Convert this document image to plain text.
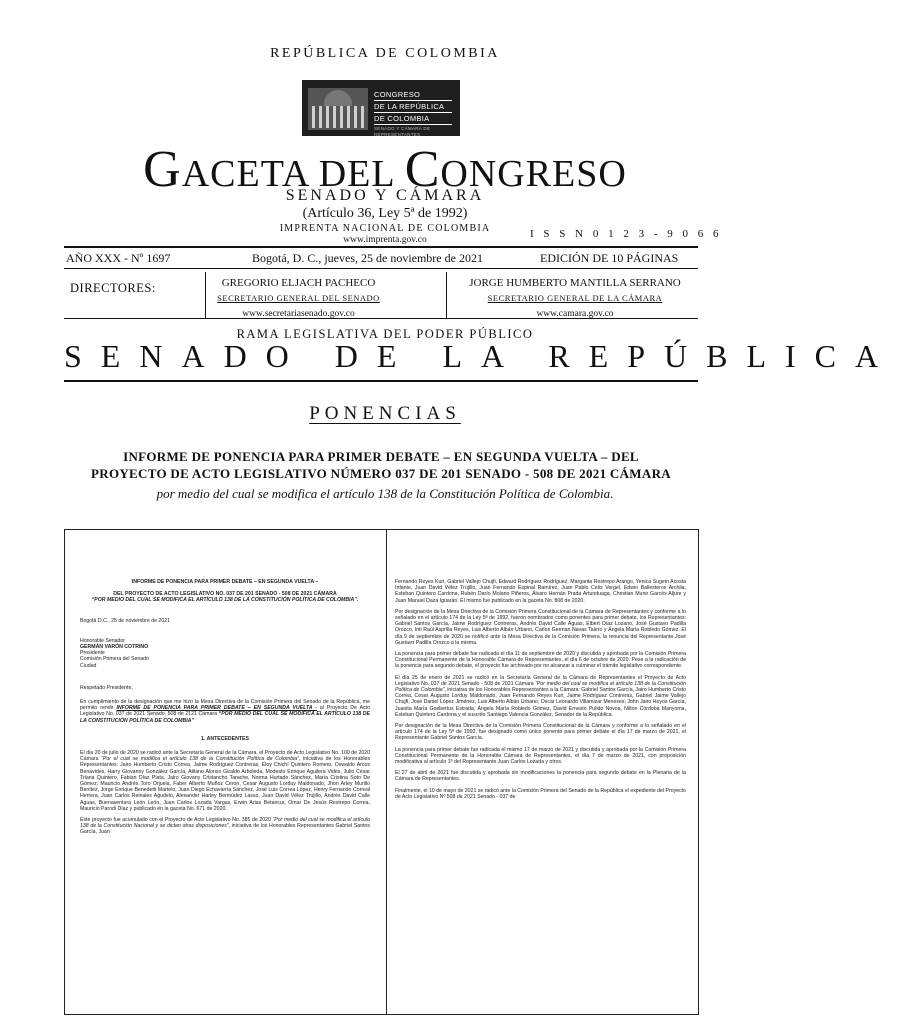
REPÚBLICA DE COLOMBIA
CONGRESO
DE LA REPÚBLICA
DE COLOMBIA
SENADO Y CÁMARA DE REPRESENTANTES
GACETA DEL CONGRESO
SENADO Y CÁMARA
(Artículo 36, Ley 5ª de 1992)
IMPRENTA NACIONAL DE COLOMBIA
www.imprenta.gov.co	I S S N 0 1 2 3 - 9 0 6 6
AÑO XXX - Nº 1697	Bogotá, D. C., jueves, 25 de noviembre de 2021	EDICIÓN DE 10 PÁGINAS
DIRECTORES:	GREGORIO ELJACH PACHECO
SECRETARIO GENERAL DEL SENADO
www.secretariasenado.gov.co
JORGE HUMBERTO MANTILLA SERRANO
SECRETARIO GENERAL DE LA CÁMARA
www.camara.gov.co
RAMA LEGISLATIVA DEL PODER PÚBLICO
SENADO DE LA REPÚBLICA
PONENCIAS
INFORME DE PONENCIA PARA PRIMER DEBATE – EN SEGUNDA VUELTA – DEL
PROYECTO DE ACTO LEGISLATIVO NÚMERO 037 DE 201 SENADO - 508 DE 2021 CÁMARA
por medio del cual se modifica el artículo 138 de la Constitución Política de Colombia.

INFORME DE PONENCIA PARA PRIMER DEBATE – EN SEGUNDA VUELTA –

DEL PROYECTO DE ACTO LEGISLATIVO NO. 037 DE 201 SENADO - 508 DE 2021 CÁMARA

“POR MEDIO DEL CUAL SE MODIFICA EL ARTÍCULO 138 DE LA CONSTITUCIÓN POLÍTICA DE COLOMBIA”.

Bogotá D.C., 25 de noviembre de 2021

Honorable Senador
GERMÁN VARÓN COTRINO
Presidente
Comisión Primera del Senado
Ciudad

Respetado Presidente,

En cumplimiento de la designación que me hizo la Mesa Directiva de la Comisión Primera del Senado de la República, me permito rendir INFORME DE PONENCIA PARA PRIMER DEBATE – EN SEGUNDA VUELTA - al Proyecto De Acto Legislativo No. 037 de 2021 Senado, 508 de 2121 Cámara “POR MEDIO DEL CUAL SE MODIFICA EL ARTÍCULO 138 DE LA CONSTITUCIÓN POLÍTICA DE COLOMBIA”

1. ANTECEDENTES

El día 20 de julio de 2020 se radicó ante la Secretaría General de la Cámara, el Proyecto de Acto Legislativo No. 100 de 2020 Cámara “Por el cual se modifica el artículo 138 de la Constitución Política de Colombia”, iniciativa de los Honorables Representantes: Jairo Humberto Cristo Correa, Jaime Rodríguez Contreras, Eloy Chichí Quintero Romero, Oswaldo Arcos Benavides, Harry Giovanny González García, Atilano Alonso Giraldo Arboleda, Modesto Enrique Aguilera Vides, Julio César Triana Quintero, Fabian Díaz Plata, Jairo Giovany Cristancho Tarache, Norma Hurtado Sánchez, María Cristina Soto De Gómez, Mauricio Andrés Toro Orjuela, Faber Alberto Muñoz Ceron, Cesar Augusto Lorduy Maldonado, Jhon Arley Murillo Benítez, Jorge Enrique Benedetti Martelo, Juan Diego Echavarría Sánchez, José Luis Correa López, Henry Fernando Correal Herrera, Juan Carlos Reinales Agudelo, Alexander Harley Bermúdez Lasso, Juan David Vélez Trujillo, Andrés David Calle Aguas, Buenaventura León León, Juan Carlos Lozada Vargas, Erwin Arias Betancur, Omar De Jesús Restrepo Correa, Mauricio Parodi Díaz y publicado en la gaceta No. 671 de 2020.

Este proyecto fue acumulado con el Proyecto de Acto Legislativo No. 385 de 2020 “Por medio del cual se modifica el artículo 138 de la Constitución Nacional y se dictan otras disposiciones”, iniciativa de los Honorables Representantes Gabriel Santos García, Juan

Fernando Reyes Kuri, Gabriel Vallejo Chujfi, Edward Rodríguez Rodríguez, Margarita Restrepo Arango, Yenica Sugein Acosta Infante, Juan David Vélez Trujillo, Juan Fernando Espinal Ramírez, Juan Pablo Celis Vergel, Edwin Ballesteros Archila, Esteban Quintero Cardona, Rubén Darío Molano Piñeros, Álvaro Hernán Prada Artunduaga, Christian Munir Garcés Aljure y Juan Manuel Daza Iguarán. El mismo fue publicado en la gaceta No. 808 de 2020.

Por designación de la Mesa Directiva de la Comisión Primera Constitucional de la Cámara de Representantes y conforme a lo señalado en el artículo 174 de la Ley 5ª de 1992, fueron nombrados como ponentes para primer debate, los Representantes: Gabriel Santos García, Jaime Rodríguez Contreras, Andrés David Calle Aguas, Elbert Díaz Lozano, José Gustavo Padilla Orozco, Inti Raúl Asprilla Reyes, Luis Alberto Albán Urbano, Carlos German Navas Talero y Ángela María Robledo Gómez. El día 9 de septiembre de 2020 se notificó ante la Mesa Directiva de la Comisión Primera, la renuncia del Representante José Gustavo Padilla Orozco a la misma.

La ponencia para primer debate fue radicada el día 11 de septiembre de 2020 y discutida y aprobada por la Comisión Primera Constitucional Permanente de la Honorable Cámara de Representantes, el día 6 de octubre de 2020. Pese a la radicación de la ponencia para segundo debate, el proyecto fue archivado por no alcanzar a culminar el trámite legislativo correspondiente.

El día 25 de enero de 2021 se radicó en la Secretaría General de la Cámara de Representantes el Proyecto de Acto Legislativo No. 037 de 2021 Senado - 508 de 2021 Cámara “Por medio del cual se modifica el artículo 138 de la Constitución Política de Colombia”, iniciativa de los Honorables Representantes a la Cámara: Gabriel Santos García, Jairo Humberto Cristo Correa, Cesar Augusto Lorduy Maldonado, Juan Fernando Reyes Kuri, Jaime Rodríguez Contreras, Gabriel Jaime Vallejo Chujfi, José Daniel López Jiménez, Luis Alberto Albán Urbano, Oscar Leonardo Villamizar Meneses, John Jairo Hoyos García, Juanita María Goebertus Estrada, Ángela María Robledo Gómez, David Ernesto Pulido Novoa, Nilton Córdoba Manyoma, Esteban Quintero Cardona y el suscrito Santiago Valencia González, Senador de la República.

Por designación de la Mesa Directiva de la Comisión Primera Constitucional de la Cámara y conforme a lo señalado en el artículo 174 de la Ley 5ª de 1992, fue designado como único ponente para primer debate el día 17 de marzo de 2021, el Representante Gabriel Santos García.

La ponencia para primer debate fue radicada el mismo 17 de marzo de 2021 y discutida y aprobada por la Comisión Primera Constitucional Permanente de la Honorable Cámara de Representantes, el día 7 de marzo de 2021, con proposición modificativa al artículo 1º del Representante Juan Carlos Lozada y otros.

El 27 de abril de 2021 fue discutida y aprobada sin modificaciones la ponencia para segundo debate en la Plenaria de la Cámara de Representantes.

Finalmente, el 10 de mayo de 2021 se radicó ante la Comisión Primera del Senado de la República el expediente del Proyecto de Acto Legislativo Nº 508 de 2021 Senado - 037 de
